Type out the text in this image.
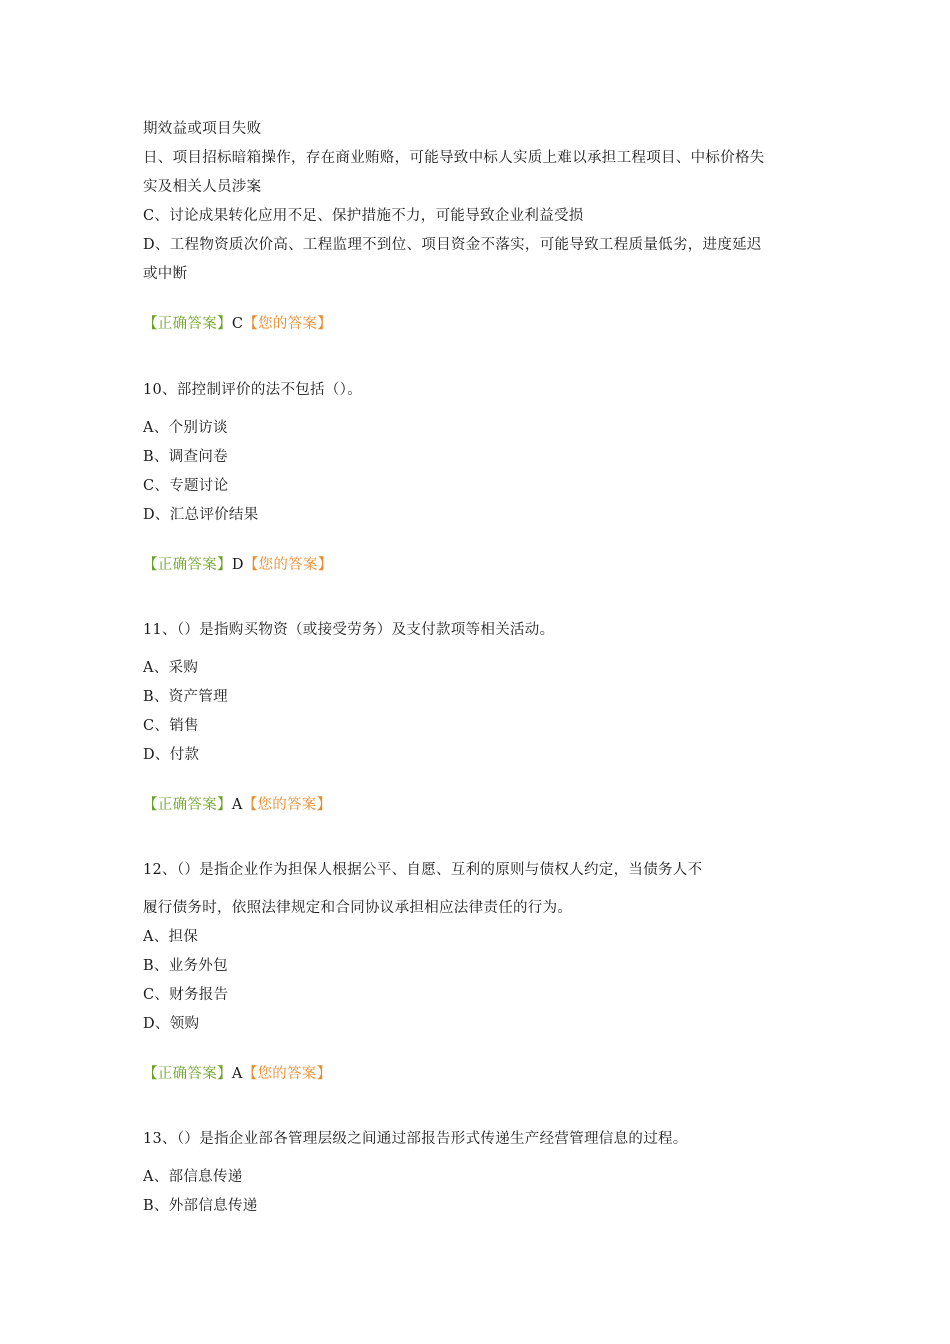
期效益或项目失败
日、项目招标暗箱操作，存在商业贿赂，可能导致中标人实质上难以承担工程项目、中标价格失
实及相关人员涉案
C、讨论成果转化应用不足、保护措施不力，可能导致企业利益受损
D、工程物资质次价高、工程监理不到位、项目资金不落实，可能导致工程质量低劣，进度延迟
或中断
【正确答案】C【您的答案】
10、部控制评价的法不包括（）。
A、个别访谈
B、调查问卷
C、专题讨论
D、汇总评价结果
【正确答案】D【您的答案】
11、（）是指购买物资（或接受劳务）及支付款项等相关活动。
A、采购
B、资产管理
C、销售
D、付款
【正确答案】A【您的答案】
12、（）是指企业作为担保人根据公平、自愿、互利的原则与债权人约定，当债务人不
履行债务时，依照法律规定和合同协议承担相应法律责任的行为。
A、担保
B、业务外包
C、财务报告
D、领购
【正确答案】A【您的答案】
13、（）是指企业部各管理层级之间通过部报告形式传递生产经营管理信息的过程。
A、部信息传递
B、外部信息传递
